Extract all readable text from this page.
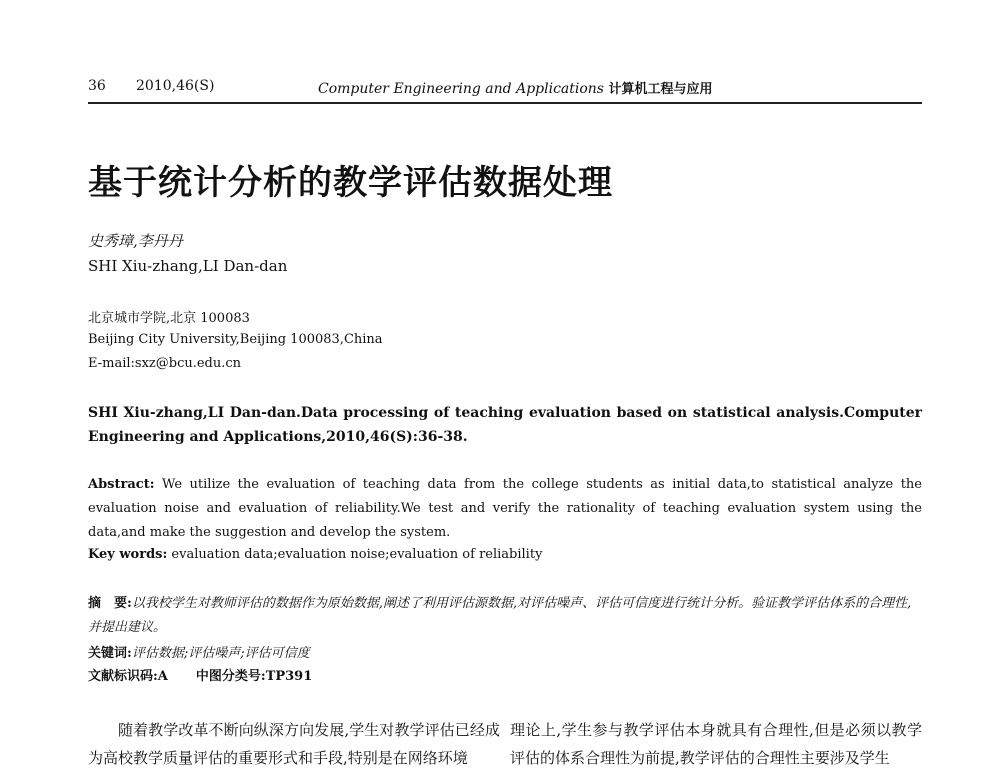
36 2010,46(S)	Computer Engineering and Applications 计算机工程与应用
基于统计分析的教学评估数据处理
史秀璋,李丹丹
SHI Xiu-zhang,LI Dan-dan
北京城市学院,北京 100083
Beijing City University,Beijing 100083,China
E-mail:sxz@bcu.edu.cn
SHI Xiu-zhang,LI Dan-dan.Data processing of teaching evaluation based on statistical analysis.Computer Engineering and Applications,2010,46(S):36-38.
Abstract: We utilize the evaluation of teaching data from the college students as initial data,to statistical analyze the evaluation noise and evaluation of reliability.We test and verify the rationality of teaching evaluation system using the data,and make the suggestion and develop the system.
Key words: evaluation data;evaluation noise;evaluation of reliability
摘　要:以我校学生对教师评估的数据作为原始数据,阐述了利用评估源数据,对评估噪声、评估可信度进行统计分析。验证教学评估体系的合理性,并提出建议。
关键词:评估数据;评估噪声;评估可信度
文献标识码:A 中图分类号:TP391
随着教学改革不断向纵深方向发展,学生对教学评估已经成为高校教学质量评估的重要形式和手段,特别是在网络环境
理论上,学生参与教学评估本身就具有合理性,但是必须以教学评估的体系合理性为前提,教学评估的合理性主要涉及学生
